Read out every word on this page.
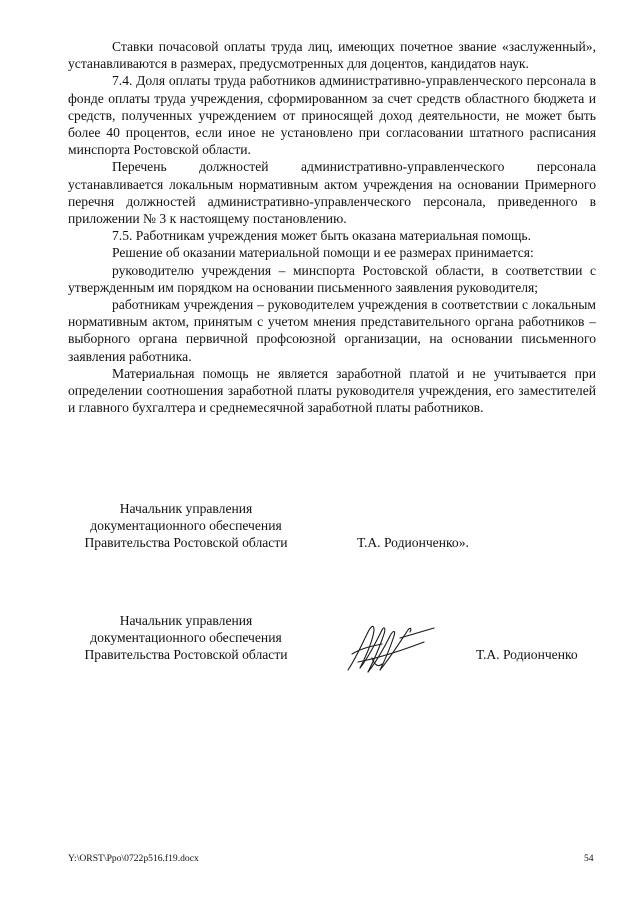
Ставки почасовой оплаты труда лиц, имеющих почетное звание «заслуженный», устанавливаются в размерах, предусмотренных для доцентов, кандидатов наук.

7.4. Доля оплаты труда работников административно-управленческого персонала в фонде оплаты труда учреждения, сформированном за счет средств областного бюджета и средств, полученных учреждением от приносящей доход деятельности, не может быть более 40 процентов, если иное не установлено при согласовании штатного расписания минспорта Ростовской области.

Перечень должностей административно-управленческого персонала устанавливается локальным нормативным актом учреждения на основании Примерного перечня должностей административно-управленческого персонала, приведенного в приложении № 3 к настоящему постановлению.

7.5. Работникам учреждения может быть оказана материальная помощь.

Решение об оказании материальной помощи и ее размерах принимается:

руководителю учреждения – минспорта Ростовской области, в соответствии с утвержденным им порядком на основании письменного заявления руководителя;

работникам учреждения – руководителем учреждения в соответствии с локальным нормативным актом, принятым с учетом мнения представительного органа работников – выборного органа первичной профсоюзной организации, на основании письменного заявления работника.

Материальная помощь не является заработной платой и не учитывается при определении соотношения заработной платы руководителя учреждения, его заместителей и главного бухгалтера и среднемесячной заработной платы работников.

Начальник управления
документационного обеспечения
Правительства Ростовской области	Т.А. Родионченко».
Начальник управления
документационного обеспечения
Правительства Ростовской области	Т.А. Родионченко
Y:\ORST\Ppo\0722p516.f19.docx	54
